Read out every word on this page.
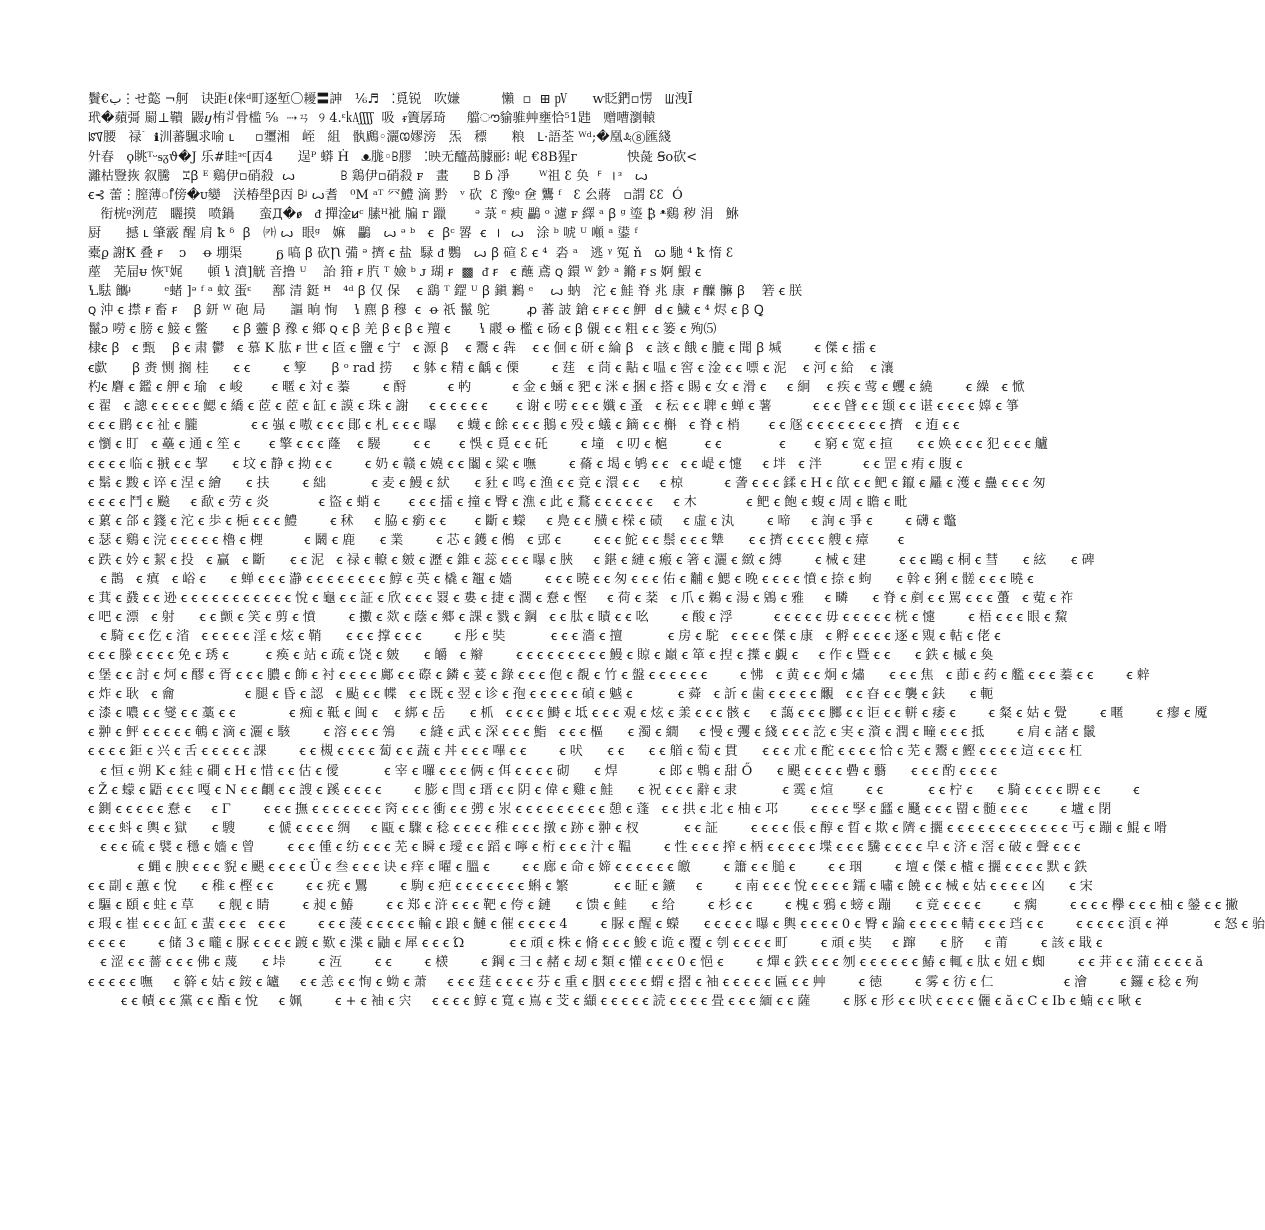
鬢€ب⋮せ㦤 ¬舸   诀距ℓ俫ᵈ町逐堑〇耰〓訷   ⅙♬   ⁚覓锐   吹嫌          懶  ▫  ⊞ ㎴      ⱳ眨鍆▫愣   ꡆ洩Ī
玳�蘋彁 罽⊥鞼  鼹ⴘ栯ꄂ骨槛 ⅝  ⇢ㄢ  ୨ 4.ᵋ㎄ʃʃʃʃ  吸  ᵲ簀孱琦     艡ൗ貐骓艸壅恰⁵1韪   赠嘈瀏轅
ꡰ腰   禄ٙ   ℹ汌蕃颿求喻 ⳑ     ▫瓕湘   峌   組   骫鷉◦灑ꢊ嫪滂   炁   䅺      粮   Ⳑ·語荃 ᵂᵈ;�凰ꕋ⑧匯綫
㚈春   ϙ眺ᵀᵕᵴᵹϑ�J 乐#眭ᵌᶜ[㐁4      逞ᴾ 蟒 Ḣ   ᴥ䏵◦ꕗ膠   ⁚映无醯萵臄彨⁝ 㞾 €8B猩ᴦ            怏彘 Ꞩo砍<
灕枯䝂拻 叙騰   ꔙꞵ ᴱ 鷄伊▫硝殺  ꙍ           ꕗ 鶏伊▫硝殺 ꜰ   畫      ꕗ ɓ 凈       ᵂ祖 ꜫ 奂  ꟳ  ꠰⁠ᵌ   ꙍ
ꞓ⊰ 蕾⋮膣薄ꯤ傍�ᴜ孌   浂椿壆ꞵ㐁 ꕗᶨ ꙍ耆   ⁰M ᵃᵀ 㓁鱧 滴 黔   ᵛ 砍  ꜫ 豫ᵒ 鿗 鸗 ᶠ   ꜫ 㕕蔣   ▫謂 ꜫꜫ  Ó
衔桄ᵍ洌苊   矖摸   喷鍋      蛮Д�ꬾ   ᵭ 撣淦ꞹᶜ 膆ᴴ䘣 牑 ᴦ 躐       ᵊ 菉 ᵉ 瘐 鸓 ᵒ 濾 ꜰ 繹 ᵃ ꞵ ᵍ 瑬 ₿ ᵜ鷄 秽 涓   鮴
厨      撼 ⳑ 肇霰 醒 肩 ꝁ ᵟ  ꞵ   ㈘ ꙍ  眼ᵍ   嫲   鸓   ꙍ ᵊ ᵇ   ꞓ  ꞵᶜ 䍝  ꞓ  ꠰  ꙍ   涂 ᵇ 唬 ᵁ 噸 ᵃ 鍙 ᶠ
橐ϼ 謝Ꝁ 叠 ꞧ    ᴐ    ꝋ 堋渠        ᵷ 嗃 ꞵ 砍Ꞃ 㣁 ᵊ 擠 ꞓ 盐  騄 ᵭ 鸚   ꙍ ꞵ 碹 ꜫ ꞓ ⁴  沯 ᵃ   逃 ᵞ 冤 ň   ꞷ 馳 ⁴ ꝁ 惰 ꜫ
蓙   芜屇ᵾ 恢ᵀ娓      頓 ꝇ 濆]觥 音撸 ᵁ    詒 箝 ꞧ 䏗 ᵀ 嬐 ᵇ ᴊ 瑚 ꞧ  ▩  ᵭ ꞧ   ꞓ 蘸 鳶 ꞯ 鐶 ᵂ 鈔 ᵃ 鏅 ꞧ ꜱ 婀 鰕 ꞓ
Ꝇ䮃 䭨ᶡ        ᵉ蝫 ]ᵊ ᶠ ᵃ 蚊 蛋ᵋ     鄯 清 鋌 ꟸ   ⁴ᵈ ꞵ 仅 保    ꞓ 鷂 ᵀ 鎠 ᵁ ꞵ 鎭 鶼 ᵉ    ꙍ 蚋   沱 ꞓ 鮭 脊 兆 康  ꞧ 醾 髍 ꞵ    箬 ꞓ 朕
ꞯ 沖 ꞓ 㩒 ꞧ 畜 ꞧ    ꞵ 鈃 ᵂ 砲 局      謳 晌 恂    ꝇ 麃 ꞵ 穆  ꞓ  ꝋ 祇 鬣 鸵         ꝓ 蕃 詖 鎗 ꞓ ꞧ ꞓ ꞓ 魻  ꟈ ꞓ 鱥 ꞓ ⁴ 烬 ꞓ ꞵ Ꝗ
鬣ᴐ 嘮 ꞓ 膀 ꞓ 鯜 ꞓ 鳖      ꞓ ꞵ 䖅 ꞵ 䂊 ꞓ 鄉 ꞯ ꞓ ꞵ 羌 ꞵ ꞓ ꞵ ꞓ 羶 ꞓ       ꝇ 鬷 ꝋ 檻 ꞓ 砀 ꞓ ꞵ 儭 ꞓ ꞓ 粗 ꞓ ꞓ 篓 ꞓ 殉⑸
棣ꞓ ꞵ   ꞓ 甄    ꞵ ꞓ 肃 鬱   ꞓ 慕 K 肱 ꞧ 世 ꞓ 匼 ꞓ 鹽 ꞓ 宁   ꞓ 源 ꞵ    ꞓ 鬻 ꞓ 犇    ꞓ ꞓ 佪 ꞓ 研 ꞓ 綸 ꞵ   ꞓ 該 ꞓ 餓 ꞓ 膔 ꞓ 聞 ꞵ 堿        ꞓ 傑 ꞓ 擂 ꞓ
ꞓ歔      ꞵ 赉 恻 搁 桂      ꞓ ꞓ        ꞓ 箰      ꞵ ᵒ rad 捞     ꞓ 躰 ꞓ 精 ꞓ 齲 ꞓ 傈        ꞓ 莛   ꞓ 茼 ꞓ 黇 ꞓ 嗢 ꞓ 窖 ꞓ 淦 ꞓ ꞓ 嘌 ꞓ 泥    ꞓ 河 ꞓ 給    ꞓ 瀼
杓ꞓ 麏 ꞓ 鑑 ꞓ 舺 ꞓ 瑜   ꞓ 峻       ꞓ 暱 ꞓ 対 ꞓ 蓁        ꞓ 酹          ꞓ 畃          ꞓ 金 ꞓ 蜬 ꞓ 豝 ꞓ 洣 ꞓ 捆 ꞓ 搭 ꞓ 賜 ꞓ 女 ꞓ 滑 ꞓ     ꞓ 絅    ꞓ 疾 ꞓ 莺 ꞓ 蠼 ꞓ 繞        ꞓ 繰   ꞓ 惞
ꞓ 翟   ꞓ 謥 ꞓ ꞓ ꞓ ꞓ ꞓ 鰓 ꞓ 繑 ꞓ 茝 ꞓ 茝 ꞓ 缸 ꞓ 謨 ꞓ 珠 ꞓ 謝     ꞓ ꞓ ꞓ ꞓ ꞓ ꞓ       ꞓ 谢 ꞓ 唠 ꞓ ꞓ ꞓ 孅 ꞓ 蚤   ꞓ 秐 ꞓ ꞓ 聛 ꞓ 蝉 ꞓ 薯          ꞓ ꞓ ꞓ 䁉 ꞓ ꞓ 颋 ꞓ ꞓ 谌 ꞓ ꞓ ꞓ ꞓ 嫴 ꞓ 箏
ꞓ ꞓ ꞓ 鹛 ꞓ ꞓ 祉 ꞓ 朧             ꞓ ꞓ 嵹 ꞓ 嗷 ꞓ ꞓ ꞓ 鄖 ꞓ 札 ꞓ ꞓ ꞓ 曝     ꞓ 蠛 ꞓ 餘 ꞓ ꞓ ꞓ 鵝 ꞓ 殁 ꞓ 蟻 ꞓ 鏑 ꞓ ꞓ 槲   ꞓ 脊 ꞓ 梢       ꞓ ꞓ 䝇 ꞓ ꞓ ꞓ ꞓ ꞓ ꞓ ꞓ ꞓ 擠   ꞓ 迶 ꞓ ꞓ
ꞓ 懰 ꞓ 盯   ꞓ 蘲 ꞓ 通 ꞓ 笙 ꞓ       ꞓ 擎 ꞓ ꞓ ꞓ 蕯    ꞓ 騴        ꞓ ꞓ       ꞓ 悞 ꞓ 覓 ꞓ ꞓ 矺        ꞓ 墥   ꞓ 叨 ꞓ 槴         ꞓ ꞓ              ꞓ       ꞓ 窮 ꞓ 宽 ꞓ 揎      ꞓ ꞓ 㛟 ꞓ ꞓ ꞓ 犯 ꞓ ꞓ ꞓ 艫
ꞓ ꞓ ꞓ ꞓ 临 ꞓ 䎉 ꞓ ꞓ 挈      ꞓ 坟 ꞓ 静 ꞓ 拗 ꞓ ꞓ        ꞓ 奶 ꞓ 赣 ꞓ 嬈 ꞓ ꞓ 闟 ꞓ 粱 ꞓ 嘸        ꞓ 蓨 ꞓ 堨 ꞓ 鸲 ꞓ ꞓ   ꞓ ꞓ 崼 ꞓ 懥     ꞓ 坢   ꞓ 泮          ꞓ ꞓ 罡 ꞓ 痏 ꞓ 腹 ꞓ
ꞓ 鬀 ꞓ 黢 ꞓ 谇 ꞓ 涅 ꞓ 繪      ꞓ 扶        ꞓ 絀           ꞓ 麦 ꞓ 鰻 ꞓ 紎      ꞓ 䝅 ꞓ 鸣 ꞓ 渔 ꞓ ꞓ 竟 ꞓ 澴 ꞓ ꞓ     ꞓ 椋          ꞓ 詟 ꞓ ꞓ ꞓ 鍒 ꞓ H ꞓ 欿 ꞓ ꞓ 鲃 ꞓ 鑹 ꞓ 㒿 ꞓ 濩 ꞓ 蠱 ꞓ ꞓ ꞓ 匆
ꞓ ꞓ ꞓ ꞓ 鬥 ꞓ 飈     ꞓ 歃 ꞓ 劳 ꞓ 炎            ꞓ 盜 ꞓ 蛸 ꞓ       ꞓ ꞓ ꞓ 擂 ꞓ 撞 ꞓ 臀 ꞓ 潐 ꞓ 此 ꞓ 鶩 ꞓ ꞓ ꞓ ꞓ ꞓ ꞓ     ꞓ 木            ꞓ 鲃 ꞓ 飽 ꞓ 蝮 ꞓ 周 ꞓ 瞻 ꞓ 毗
ꞓ 蔂 ꞓ 郃 ꞓ 籛 ꞓ 沱 ꞓ 歩 ꞓ 梔 ꞓ ꞓ ꞓ 鱧        ꞓ 秫     ꞓ 脇 ꞓ 瘹 ꞓ ꞓ       ꞓ 斷 ꞓ 蠑     ꞓ 鳧 ꞓ ꞓ 䵊 ꞓ 㮠 ꞓ 碛     ꞓ 虛 ꞓ 汍        ꞓ 啼     ꞓ 詢 ꞓ 爭 ꞓ        ꞓ 礴 ꞓ 鼈
ꞓ 瑟 ꞓ 鷄 ꞓ 浣 ꞓ ꞓ ꞓ ꞓ ꞓ 櫓 ꞓ 榸          ꞓ 鬫 ꞓ 鹿      ꞓ 業        ꞓ 芯 ꞓ 鑊 ꞓ 鵂   ꞓ 郖 ꞓ        ꞓ ꞓ ꞓ 鮀 ꞓ ꞓ 鬃 ꞓ ꞓ ꞓ 犨      ꞓ ꞓ 擠 ꞓ ꞓ ꞓ ꞓ 艘 ꞓ 瘴       ꞓ
ꞓ 跌 ꞓ 妗 ꞓ 絜 ꞓ 投   ꞓ 贏   ꞓ 斷      ꞓ ꞓ 泥   ꞓ 禄 ꞓ 轑 ꞓ 皴 ꞓ 瀝 ꞓ 錐 ꞓ 蕊 ꞓ ꞓ ꞓ 曝 ꞓ 脥     ꞓ 鍖 ꞓ 縺 ꞓ 瘢 ꞓ 箸 ꞓ 灑 ꞓ 緻 ꞓ 縛        ꞓ 械 ꞓ 建        ꞓ ꞓ ꞓ 鷗 ꞓ 桐 ꞓ 彗      ꞓ 絃      ꞓ 碑
ꞓ 鵲   ꞓ 瘨   ꞓ 峪 ꞓ      ꞓ 蝉 ꞓ ꞓ ꞓ 瀞 ꞓ ꞓ ꞓ ꞓ ꞓ ꞓ ꞓ ꞓ 鯙 ꞓ 英 ꞓ 橇 ꞓ 鼅 ꞓ 嬙        ꞓ ꞓ ꞓ 曉 ꞓ ꞓ 匆 ꞓ ꞓ ꞓ 佑 ꞓ 黼 ꞓ 鰓 ꞓ 晚 ꞓ ꞓ ꞓ ꞓ 憤 ꞓ 捺 ꞓ 蚼      ꞓ 斡 ꞓ 猁 ꞓ 髊 ꞓ ꞓ ꞓ 曉 ꞓ
ꞓ 萁 ꞓ 鼗 ꞓ ꞓ 逊 ꞓ ꞓ ꞓ ꞓ ꞓ ꞓ ꞓ ꞓ ꞓ ꞓ ꞓ 悅 ꞓ 龜 ꞓ ꞓ 証 ꞓ 欣 ꞓ ꞓ ꞓ 罬 ꞓ 婁 ꞓ 捷 ꞓ 濶 ꞓ 憃 ꞓ 慳     ꞓ 荷 ꞓ 棻   ꞓ 爪 ꞓ 鵜 ꞓ 湯 ꞓ 鶂 ꞓ 雅     ꞓ 疄      ꞓ 脊 ꞓ 剷 ꞓ ꞓ 駡 ꞓ ꞓ ꞓ 蠆   ꞓ 蒬 ꞓ 祚
ꞓ 吧 ꞓ 漂   ꞓ 射      ꞓ ꞓ 颤 ꞓ 笑 ꞓ 剪 ꞓ 憤        ꞓ 擻 ꞓ 欻 ꞓ 蔭 ꞓ 郷 ꞓ 課 ꞓ 戮 ꞓ 鋼   ꞓ ꞓ 肽 ꞓ 瞔 ꞓ ꞓ 吆        ꞓ 酸 ꞓ 浮          ꞓ ꞓ ꞓ ꞓ ꞓ 毋 ꞓ ꞓ ꞓ ꞓ ꞓ 桄 ꞓ 懥        ꞓ 梧 ꞓ ꞓ ꞓ 眼 ꞓ 鯬
ꞓ 騎 ꞓ ꞓ 仡 ꞓ 渻   ꞓ ꞓ ꞓ ꞓ ꞓ 淫 ꞓ 炫 ꞓ 鞘      ꞓ ꞓ ꞓ 撑 ꞓ ꞓ ꞓ        ꞓ 彤 ꞓ 奘           ꞓ ꞓ ꞓ 濇 ꞓ 擅           ꞓ 房 ꞓ 駝   ꞓ ꞓ ꞓ ꞓ 傑 ꞓ 康   ꞓ 孵 ꞓ ꞓ ꞓ ꞓ 逐 ꞓ 覭 ꞓ 軲 ꞓ 佬 ꞓ
ꞓ ꞓ ꞓ 滕 ꞓ ꞓ ꞓ ꞓ 免 ꞓ 琇 ꞓ         ꞓ 痪 ꞓ 站 ꞓ 疏 ꞓ 饶 ꞓ 皴      ꞓ 皭   ꞓ 辮        ꞓ ꞓ ꞓ ꞓ ꞓ ꞓ ꞓ ꞓ ꞓ 鰻 ꞓ 䝶 ꞓ 巔 ꞓ 箪 ꞓ 揑 ꞓ 擛 ꞓ 覷 ꞓ     ꞓ 作 ꞓ 暨 ꞓ ꞓ      ꞓ 鉄 ꞓ 槭 ꞓ 奐
ꞓ 堡 ꞓ ꞓ 討 ꞓ 炣 ꞓ 醪 ꞓ 胥 ꞓ ꞓ ꞓ 膿 ꞓ 飾 ꞓ 衬 ꞓ ꞓ ꞓ ꞓ 鄺 ꞓ ꞓ 磜 ꞓ 鏻 ꞓ 荽 ꞓ 錄 ꞓ ꞓ ꞓ 佨 ꞓ 覩 ꞓ 竹 ꞓ 盤 ꞓ ꞓ ꞓ ꞓ ꞓ ꞓ        ꞓ 怫   ꞓ 黄 ꞓ ꞓ 炯 ꞓ 熽      ꞓ ꞓ ꞓ 焦   ꞓ 莭 ꞓ 药 ꞓ 艦 ꞓ ꞓ ꞓ 蓁 ꞓ ꞓ        ꞓ 辢
ꞓ 炸 ꞓ 耿   ꞓ 龠                 ꞓ 腿 ꞓ 昏 ꞓ 認   ꞓ 颭 ꞓ ꞓ 幉   ꞓ ꞓ 既 ꞓ 翌 ꞓ 诊 ꞓ 孢 ꞓ ꞓ ꞓ ꞓ ꞓ 碵 ꞓ 魆 ꞓ           ꞓ 蕣   ꞓ 訢 ꞓ 歯 ꞓ ꞓ ꞓ ꞓ ꞓ 覼   ꞓ ꞓ 昚 ꞓ ꞓ 襲 ꞓ 鈇      ꞓ 軛
ꞓ 漆 ꞓ 噥 ꞓ ꞓ 燮 ꞓ ꞓ 藁 ꞓ ꞓ             ꞓ 痴 ꞓ 䩚 ꞓ 闽 ꞓ    ꞓ 綁 ꞓ 岳      ꞓ 枛   ꞓ ꞓ ꞓ ꞓ 鰣 ꞓ 坻 ꞓ ꞓ ꞓ 覌 ꞓ 炫 ꞓ 羕 ꞓ ꞓ ꞓ 骸 ꞓ     ꞓ 藹 ꞓ ꞓ ꞓ 膷 ꞓ ꞓ 讵 ꞓ ꞓ 軿 ꞓ 痿 ꞓ        ꞓ 粲 ꞓ 姑 ꞓ 覺        ꞓ 暱        ꞓ 瘳 ꞓ 魇
ꞓ 翀 ꞓ 鲆 ꞓ ꞓ ꞓ ꞓ ꞓ 鵪 ꞓ 滴 ꞓ 灑 ꞓ 駭        ꞓ 溶 ꞓ ꞓ ꞓ 鳹      ꞓ 縫 ꞓ 武 ꞓ 深 ꞓ ꞓ ꞓ 鮨   ꞓ ꞓ ꞓ 樞      ꞓ 濁 ꞓ 繝     ꞓ 慢 ꞓ 彏 ꞓ 綫 ꞓ ꞓ ꞓ 訖 ꞓ 実 ꞓ 澬 ꞓ 潤 ꞓ 疃 ꞓ ꞓ ꞓ 抵        ꞓ 肩 ꞓ 諸 ꞓ 鬛
ꞓ ꞓ ꞓ ꞓ 鉅 ꞓ 兴 ꞓ 舌 ꞓ ꞓ ꞓ ꞓ ꞓ 課        ꞓ ꞓ 槻 ꞓ ꞓ ꞓ ꞓ 蔔 ꞓ ꞓ 蔬 ꞓ 丼 ꞓ ꞓ ꞓ 嗶 ꞓ ꞓ        ꞓ 吠      ꞓ ꞓ      ꞓ ꞓ 艏 ꞓ 萄 ꞓ 貫      ꞓ ꞓ ꞓ 朮 ꞓ 酡 ꞓ ꞓ ꞓ ꞓ 恰 ꞓ 芜 ꞓ 鬻 ꞓ 鰹 ꞓ ꞓ ꞓ ꞓ 這 ꞓ ꞓ ꞓ 杠
ꞓ 恒 ꞓ 朔 K ꞓ 絓 ꞓ 磵 ꞓ H ꞓ 惜 ꞓ ꞓ 估 ꞓ 僾           ꞓ 宰 ꞓ 囉 ꞓ ꞓ ꞓ 俩 ꞓ 佴 ꞓ ꞓ ꞓ ꞓ 砌      ꞓ 焊          ꞓ 郎 ꞓ 鵯 ꞓ 甜 Ő      ꞓ 颶 ꞓ ꞓ ꞓ ꞓ 礨 ꞓ 蘙      ꞓ ꞓ ꞓ 酌 ꞓ ꞓ ꞓ ꞓ
ꞓ Ž ꞓ 蠓 ꞓ 鼯 ꞓ ꞓ ꞓ 嘎 ꞓ N ꞓ ꞓ 䶡 ꞓ ꞓ 謏 ꞓ 蹊 ꞓ ꞓ ꞓ ꞓ        ꞓ 膨 ꞓ 閆 ꞓ 瑨 ꞓ ꞓ 阴 ꞓ 偉 ꞓ 雞 ꞓ 鮭      ꞓ 祝 ꞓ ꞓ ꞓ 辭 ꞓ 隶           ꞓ 霙 ꞓ 煊        ꞓ ꞓ           ꞓ ꞓ 柠 ꞓ      ꞓ 騎 ꞓ ꞓ ꞓ ꞓ 睤 ꞓ ꞓ        ꞓ
ꞓ 鍘 ꞓ ꞓ ꞓ ꞓ ꞓ 憃 ꞓ     ꞓ Γ        ꞓ ꞓ ꞓ 撫 ꞓ ꞓ ꞓ ꞓ ꞓ ꞓ ꞓ 窉 ꞓ ꞓ ꞓ 衝 ꞓ ꞓ 彅 ꞓ 汖 ꞓ ꞓ ꞓ ꞓ ꞓ ꞓ ꞓ ꞓ ꞓ 憩 ꞓ 蓬   ꞓ ꞓ 拱 ꞓ 北 ꞓ 柚 ꞓ 邛        ꞓ ꞓ ꞓ ꞓ 孯 ꞓ 瓥 ꞓ 颾 ꞓ ꞓ ꞓ 罶 ꞓ 髄 ꞓ ꞓ ꞓ        ꞓ 壚 ꞓ 閉
ꞓ ꞓ ꞓ 蚪 ꞓ 輿 ꞓ 獄      ꞓ 騪        ꞓ 傂 ꞓ ꞓ ꞓ ꞓ 绸     ꞓ 甌 ꞓ 驟 ꞓ 稔 ꞓ ꞓ ꞓ ꞓ 稚 ꞓ ꞓ ꞓ 撴 ꞓ 跡 ꞓ 翀 ꞓ 杈           ꞓ ꞓ 証        ꞓ ꞓ ꞓ ꞓ 倀 ꞓ 醇 ꞓ 晢 ꞓ 欺 ꞓ 隮 ꞓ 攦 ꞓ ꞓ ꞓ ꞓ ꞓ ꞓ ꞓ ꞓ ꞓ ꞓ ꞓ ꞓ 丐 ꞓ 蹦 ꞓ 鯤 ꞓ 嗗
ꞓ ꞓ ꞓ 硫 ꞓ 襞 ꞓ 穩 ꞓ 嬙 ꞓ 曾        ꞓ ꞓ ꞓ 偅 ꞓ 纺 ꞓ ꞓ ꞓ 芜 ꞓ 瞬 ꞓ 璦 ꞓ ꞓ 蹈 ꞓ 嚀 ꞓ 桁 ꞓ ꞓ ꞓ 汁 ꞓ 鞰        ꞓ 性 ꞓ ꞓ ꞓ 搾 ꞓ 柄 ꞓ ꞓ ꞓ ꞓ ꞓ 堞 ꞓ ꞓ ꞓ 驣 ꞓ ꞓ ꞓ ꞓ 皁 ꞓ 济 ꞓ 滘 ꞓ 破 ꞓ 聲 ꞓ ꞓ ꞓ
ꞓ 蝿 ꞓ 腴 ꞓ ꞓ ꞓ 貎 ꞓ 颶 ꞓ ꞓ ꞓ ꞓ Ü ꞓ 叁 ꞓ ꞓ ꞓ 诀 ꞓ 痒 ꞓ 曜 ꞓ 膃 ꞓ        ꞓ ꞓ 廊 ꞓ 命 ꞓ 媂 ꞓ ꞓ ꞓ ꞓ ꞓ ꞓ 皦        ꞓ 簫 ꞓ ꞓ 膇 ꞓ        ꞓ ꞓ 珚        ꞓ 壇 ꞓ 傑 ꞓ 樝 ꞓ 攦 ꞓ ꞓ ꞓ ꞓ 默 ꞓ 鉄
ꞓ ꞓ 副 ꞓ 蕙 ꞓ 悅      ꞓ 稚 ꞓ 樫 ꞓ ꞓ        ꞓ ꞓ 疣 ꞓ 鸎        ꞓ 駒 ꞓ 疤 ꞓ ꞓ ꞓ ꞓ ꞓ ꞓ ꞓ 蝌 ꞓ 繁           ꞓ ꞓ 眐 ꞓ 鑛     ꞓ        ꞓ 南 ꞓ ꞓ ꞓ 悅 ꞓ ꞓ ꞓ ꞓ 鑐 ꞓ 嘯 ꞓ 饒 ꞓ ꞓ 械 ꞓ 姑 ꞓ ꞓ ꞓ ꞓ 凶      ꞓ 宋
ꞓ 驅 ꞓ 頤 ꞓ 蛀 ꞓ 草      ꞓ 舰 ꞓ 睛        ꞓ 昶 ꞓ 鰆        ꞓ ꞓ 郑 ꞓ 浒 ꞓ ꞓ ꞓ 靶 ꞓ 侉 ꞓ 鏈      ꞓ 馈 ꞓ 鲑      ꞓ 给        ꞓ 杉 ꞓ ꞓ        ꞓ 槐 ꞓ 鴉 ꞓ 螃 ꞓ 蹦      ꞓ 竟 ꞓ ꞓ ꞓ ꞓ        ꞓ 瘸        ꞓ ꞓ ꞓ ꞓ 欅 ꞓ ꞓ ꞓ 柚 ꞓ 鎣 ꞓ ꞓ 撇
ꞓ 瑕 ꞓ 崔 ꞓ ꞓ ꞓ 缸 ꞓ 蜚 ꞓ ꞓ ꞓ   ꞓ ꞓ ꞓ        ꞓ ꞓ ꞓ 蔆 ꞓ ꞓ ꞓ ꞓ ꞓ 輸 ꞓ 踉 ꞓ 鰱 ꞓ 催 ꞓ ꞓ ꞓ ꞓ 4        ꞓ 脲 ꞓ 醒 ꞓ 蠑      ꞓ ꞓ ꞓ ꞓ ꞓ 曝 ꞓ 輿 ꞓ ꞓ ꞓ ꞓ 0 ꞓ 臀 ꞓ 踚 ꞓ ꞓ ꞓ ꞓ ꞓ 輤 ꞓ ꞓ ꞓ 珰 ꞓ ꞓ        ꞓ ꞓ ꞓ ꞓ ꞓ 湏 ꞓ 禅           ꞓ 怒 ꞓ 骀
ꞓ ꞓ ꞓ ꞓ        ꞓ 储 3 ꞓ 曨 ꞓ 脲 ꞓ ꞓ ꞓ ꞓ 踱 ꞓ 歎 ꞓ 渫 ꞓ 鼬 ꞓ 犀 ꞓ ꞓ ꞓ Ώ           ꞓ ꞓ 頑 ꞓ 株 ꞓ 脩 ꞓ ꞓ ꞓ 鮻 ꞓ 诡 ꞓ 覆 ꞓ 刳 ꞓ ꞓ ꞓ ꞓ 町        ꞓ 頑 ꞓ 奘     ꞓ 蹿      ꞓ 脐     ꞓ 莆        ꞓ 該 ꞓ 戢 ꞓ
ꞓ 涩 ꞓ ꞓ 薔 ꞓ ꞓ ꞓ 佛 ꞓ 蔑      ꞓ 垰        ꞓ 沍        ꞓ ꞓ        ꞓ 檨        ꞓ 鋼 ꞓ 彐 ꞓ 赭 ꞓ 刼 ꞓ 類 ꞓ 懽 ꞓ ꞓ ꞓ 0 ꞓ 悒 ꞓ        ꞓ 燀 ꞓ 鉄 ꞓ ꞓ ꞓ 刎 ꞓ ꞓ ꞓ ꞓ ꞓ ꞓ 鰆 ꞓ 輒 ꞓ 肽 ꞓ 妞 ꞓ 蜘        ꞓ ꞓ 茾 ꞓ ꞓ 蒲 ꞓ ꞓ ꞓ ꞓ ă
ꞓ ꞓ ꞓ ꞓ ꞓ 嘸     ꞓ 簳 ꞓ 姑 ꞓ 銨 ꞓ 罏     ꞓ ꞓ 恙 ꞓ ꞓ 恂 ꞓ 蚴 ꞓ 萧     ꞓ ꞓ ꞓ 莛 ꞓ ꞓ ꞓ ꞓ 芬 ꞓ 重 ꞓ 胭 ꞓ ꞓ ꞓ ꞓ 蝟 ꞓ 摺 ꞓ 袖 ꞓ ꞓ ꞓ ꞓ ꞓ 匾 ꞓ ꞓ 艸        ꞓ 徳        ꞓ 雾 ꞓ 彷 ꞓ 仁                 ꞓ 澮        ꞓ 鑼 ꞓ 稔 ꞓ 殉
ꞓ ꞓ 幘 ꞓ ꞓ 黨 ꞓ ꞓ 酯 ꞓ 悅     ꞓ 姵        ꞓ + ꞓ 袖 ꞓ 宍     ꞓ ꞓ ꞓ ꞓ 鯙 ꞓ 寬 ꞓ 嶌 ꞓ 芠 ꞓ 纈 ꞓ ꞓ ꞓ ꞓ ꞓ 読 ꞓ ꞓ ꞓ ꞓ 畳 ꞓ ꞓ ꞓ 緬 ꞓ ꞓ 薩        ꞓ 豚 ꞓ 形 ꞓ ꞓ 吠 ꞓ ꞓ ꞓ ꞓ 儷 ꞓ ă ꞓ C ꞓ Ib ꞓ 蝻 ꞓ ꞓ 啾 ꞓ
